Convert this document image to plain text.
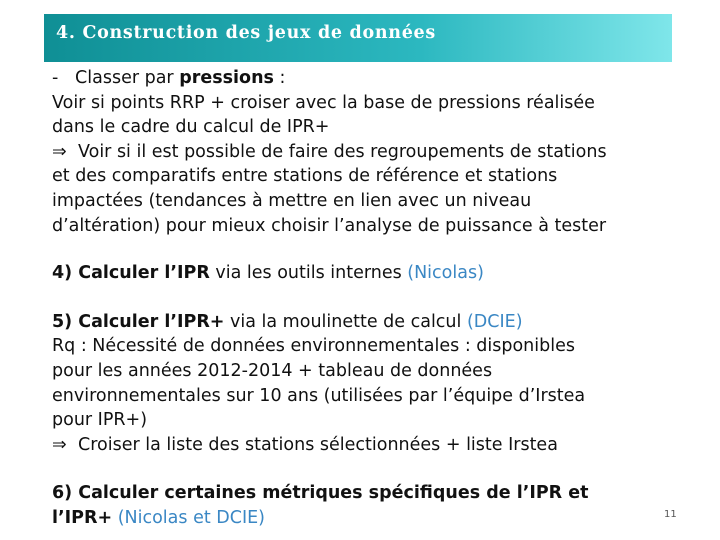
4. Construction des jeux de données
- Classer par pressions :
Voir si points RRP + croiser avec la base de pressions réalisée
dans le cadre du calcul de IPR+
⇒ Voir si il est possible de faire des regroupements de stations
et des comparatifs entre stations de référence et stations
impactées (tendances à mettre en lien avec un niveau
d’altération) pour mieux choisir l’analyse de puissance à tester
4) Calculer l’IPR via les outils internes (Nicolas)
5) Calculer l’IPR+ via la moulinette de calcul (DCIE)
Rq : Nécessité de données environnementales : disponibles
pour les années 2012-2014 + tableau de données
environnementales sur 10 ans (utilisées par l’équipe d’Irstea
pour IPR+)
⇒ Croiser la liste des stations sélectionnées + liste Irstea
6) Calculer certaines métriques spécifiques de l’IPR et
l’IPR+ (Nicolas et DCIE)	11
